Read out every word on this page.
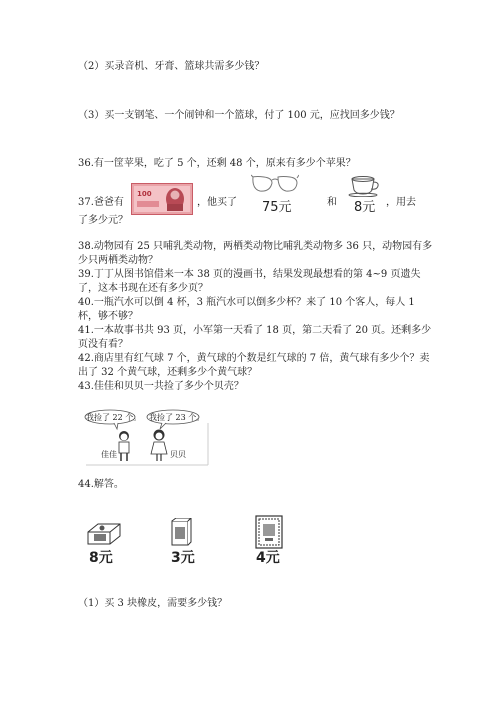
（2）买录音机、牙膏、篮球共需多少钱？
（3）买一支钢笔、一个闹钟和一个篮球，付了 100 元，应找回多少钱？
36.有一筐苹果，吃了 5 个，还剩 48 个，原来有多少个苹果？
37.爸爸有
100
，他买了 75元	和 8元 ，用去
了多少元？
38.动物园有 25 只哺乳类动物，两栖类动物比哺乳类动物多 36 只，动物园有多
少只两栖类动物？
39.丁丁从图书馆借来一本 38 页的漫画书，结果发现最想看的第 4~9 页遗失
了，这本书现在还有多少页？
40.一瓶汽水可以倒 4 杯，3 瓶汽水可以倒多少杯？来了 10 个客人，每人 1
杯，够不够？
41.一本故事书共 93 页，小军第一天看了 18 页，第二天看了 20 页。还剩多少
页没有看？
42.商店里有红气球 7 个，黄气球的个数是红气球的 7 倍，黄气球有多少个？卖
出了 32 个黄气球，还剩多少个黄气球？
43.佳佳和贝贝一共捡了多少个贝壳？
我捡了 22 个。 我捡了 23 个。
佳佳	贝贝
44.解答。
8元	3元	4元
（1）买 3 块橡皮，需要多少钱？
